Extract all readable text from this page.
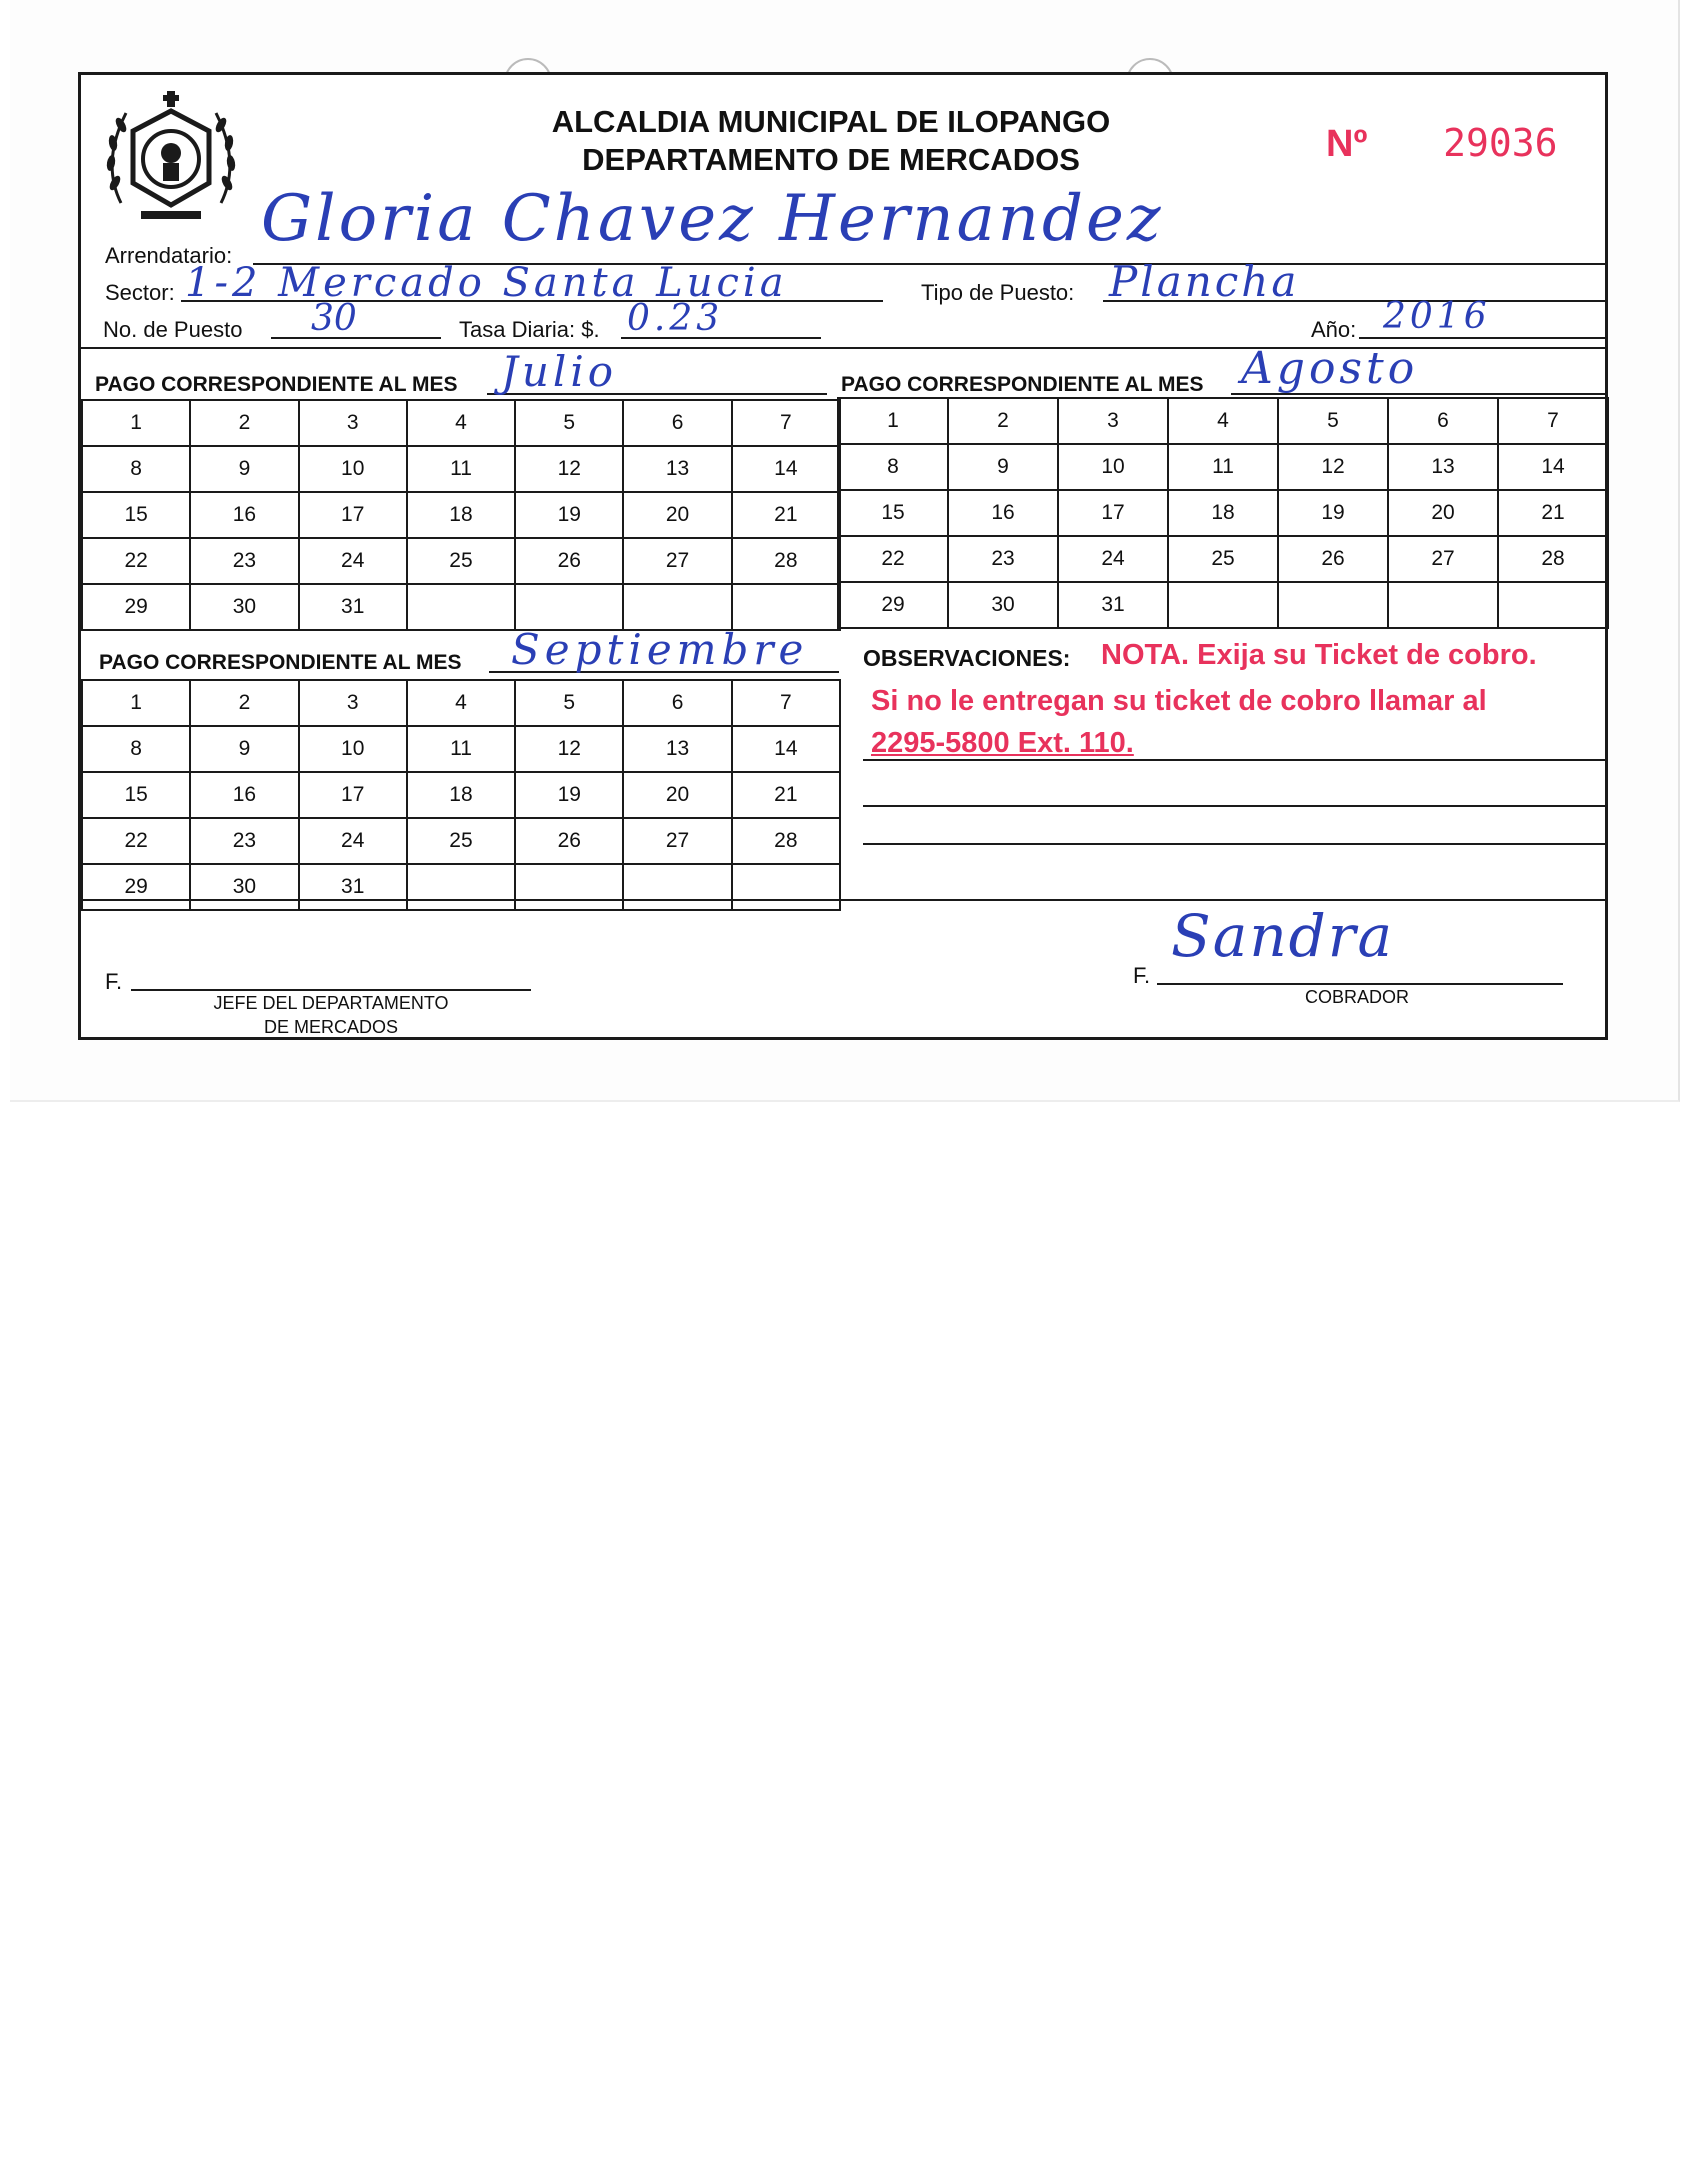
ALCALDIA MUNICIPAL DE ILOPANGO
DEPARTAMENTO DE MERCADOS	Nº 29036
Arrendatario: Gloria Chavez Hernandez
Sector: 1-2 Mercado Santa Lucia	Tipo de Puesto: Plancha
No. de Puesto 30	Tasa Diaria: $. 0.23	Año: 2016
PAGO CORRESPONDIENTE AL MES Julio	PAGO CORRESPONDIENTE AL MES Agosto
1	2	3	4	5	6	7
8	9	10	11	12	13	14
15	16	17	18	19	20	21
22	23	24	25	26	27	28
29	30	31				
1	2	3	4	5	6	7
8	9	10	11	12	13	14
15	16	17	18	19	20	21
22	23	24	25	26	27	28
29	30	31				
PAGO CORRESPONDIENTE AL MES Septiembre
1	2	3	4	5	6	7
8	9	10	11	12	13	14
15	16	17	18	19	20	21
22	23	24	25	26	27	28
29	30	31				
OBSERVACIONES: NOTA. Exija su Ticket de cobro.
Si no le entregan su ticket de cobro llamar al
2295-5800 Ext. 110.
F.
JEFE DEL DEPARTAMENTO
DE MERCADOS
F.
Sandra
COBRADOR
